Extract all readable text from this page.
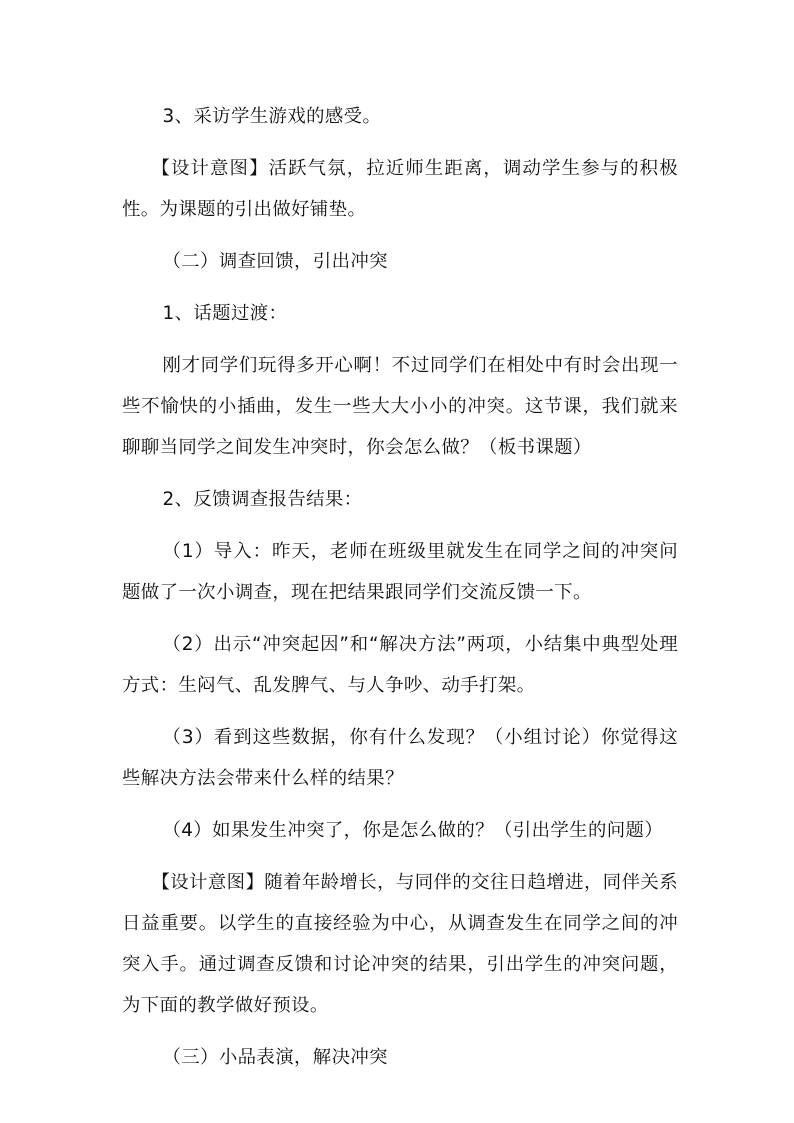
3、采访学生游戏的感受。

【设计意图】活跃气氛，拉近师生距离，调动学生参与的积极性。为课题的引出做好铺垫。

（二）调查回馈，引出冲突

1、话题过渡：

刚才同学们玩得多开心啊！不过同学们在相处中有时会出现一些不愉快的小插曲，发生一些大大小小的冲突。这节课，我们就来聊聊当同学之间发生冲突时，你会怎么做？（板书课题）

2、反馈调查报告结果：

（1）导入：昨天，老师在班级里就发生在同学之间的冲突问题做了一次小调查，现在把结果跟同学们交流反馈一下。

（2）出示“冲突起因”和“解决方法”两项，小结集中典型处理方式：生闷气、乱发脾气、与人争吵、动手打架。

（3）看到这些数据，你有什么发现？（小组讨论）你觉得这些解决方法会带来什么样的结果？

（4）如果发生冲突了，你是怎么做的？（引出学生的问题）

【设计意图】随着年龄增长，与同伴的交往日趋增进，同伴关系日益重要。以学生的直接经验为中心，从调查发生在同学之间的冲突入手。通过调查反馈和讨论冲突的结果，引出学生的冲突问题，为下面的教学做好预设。

（三）小品表演，解决冲突
